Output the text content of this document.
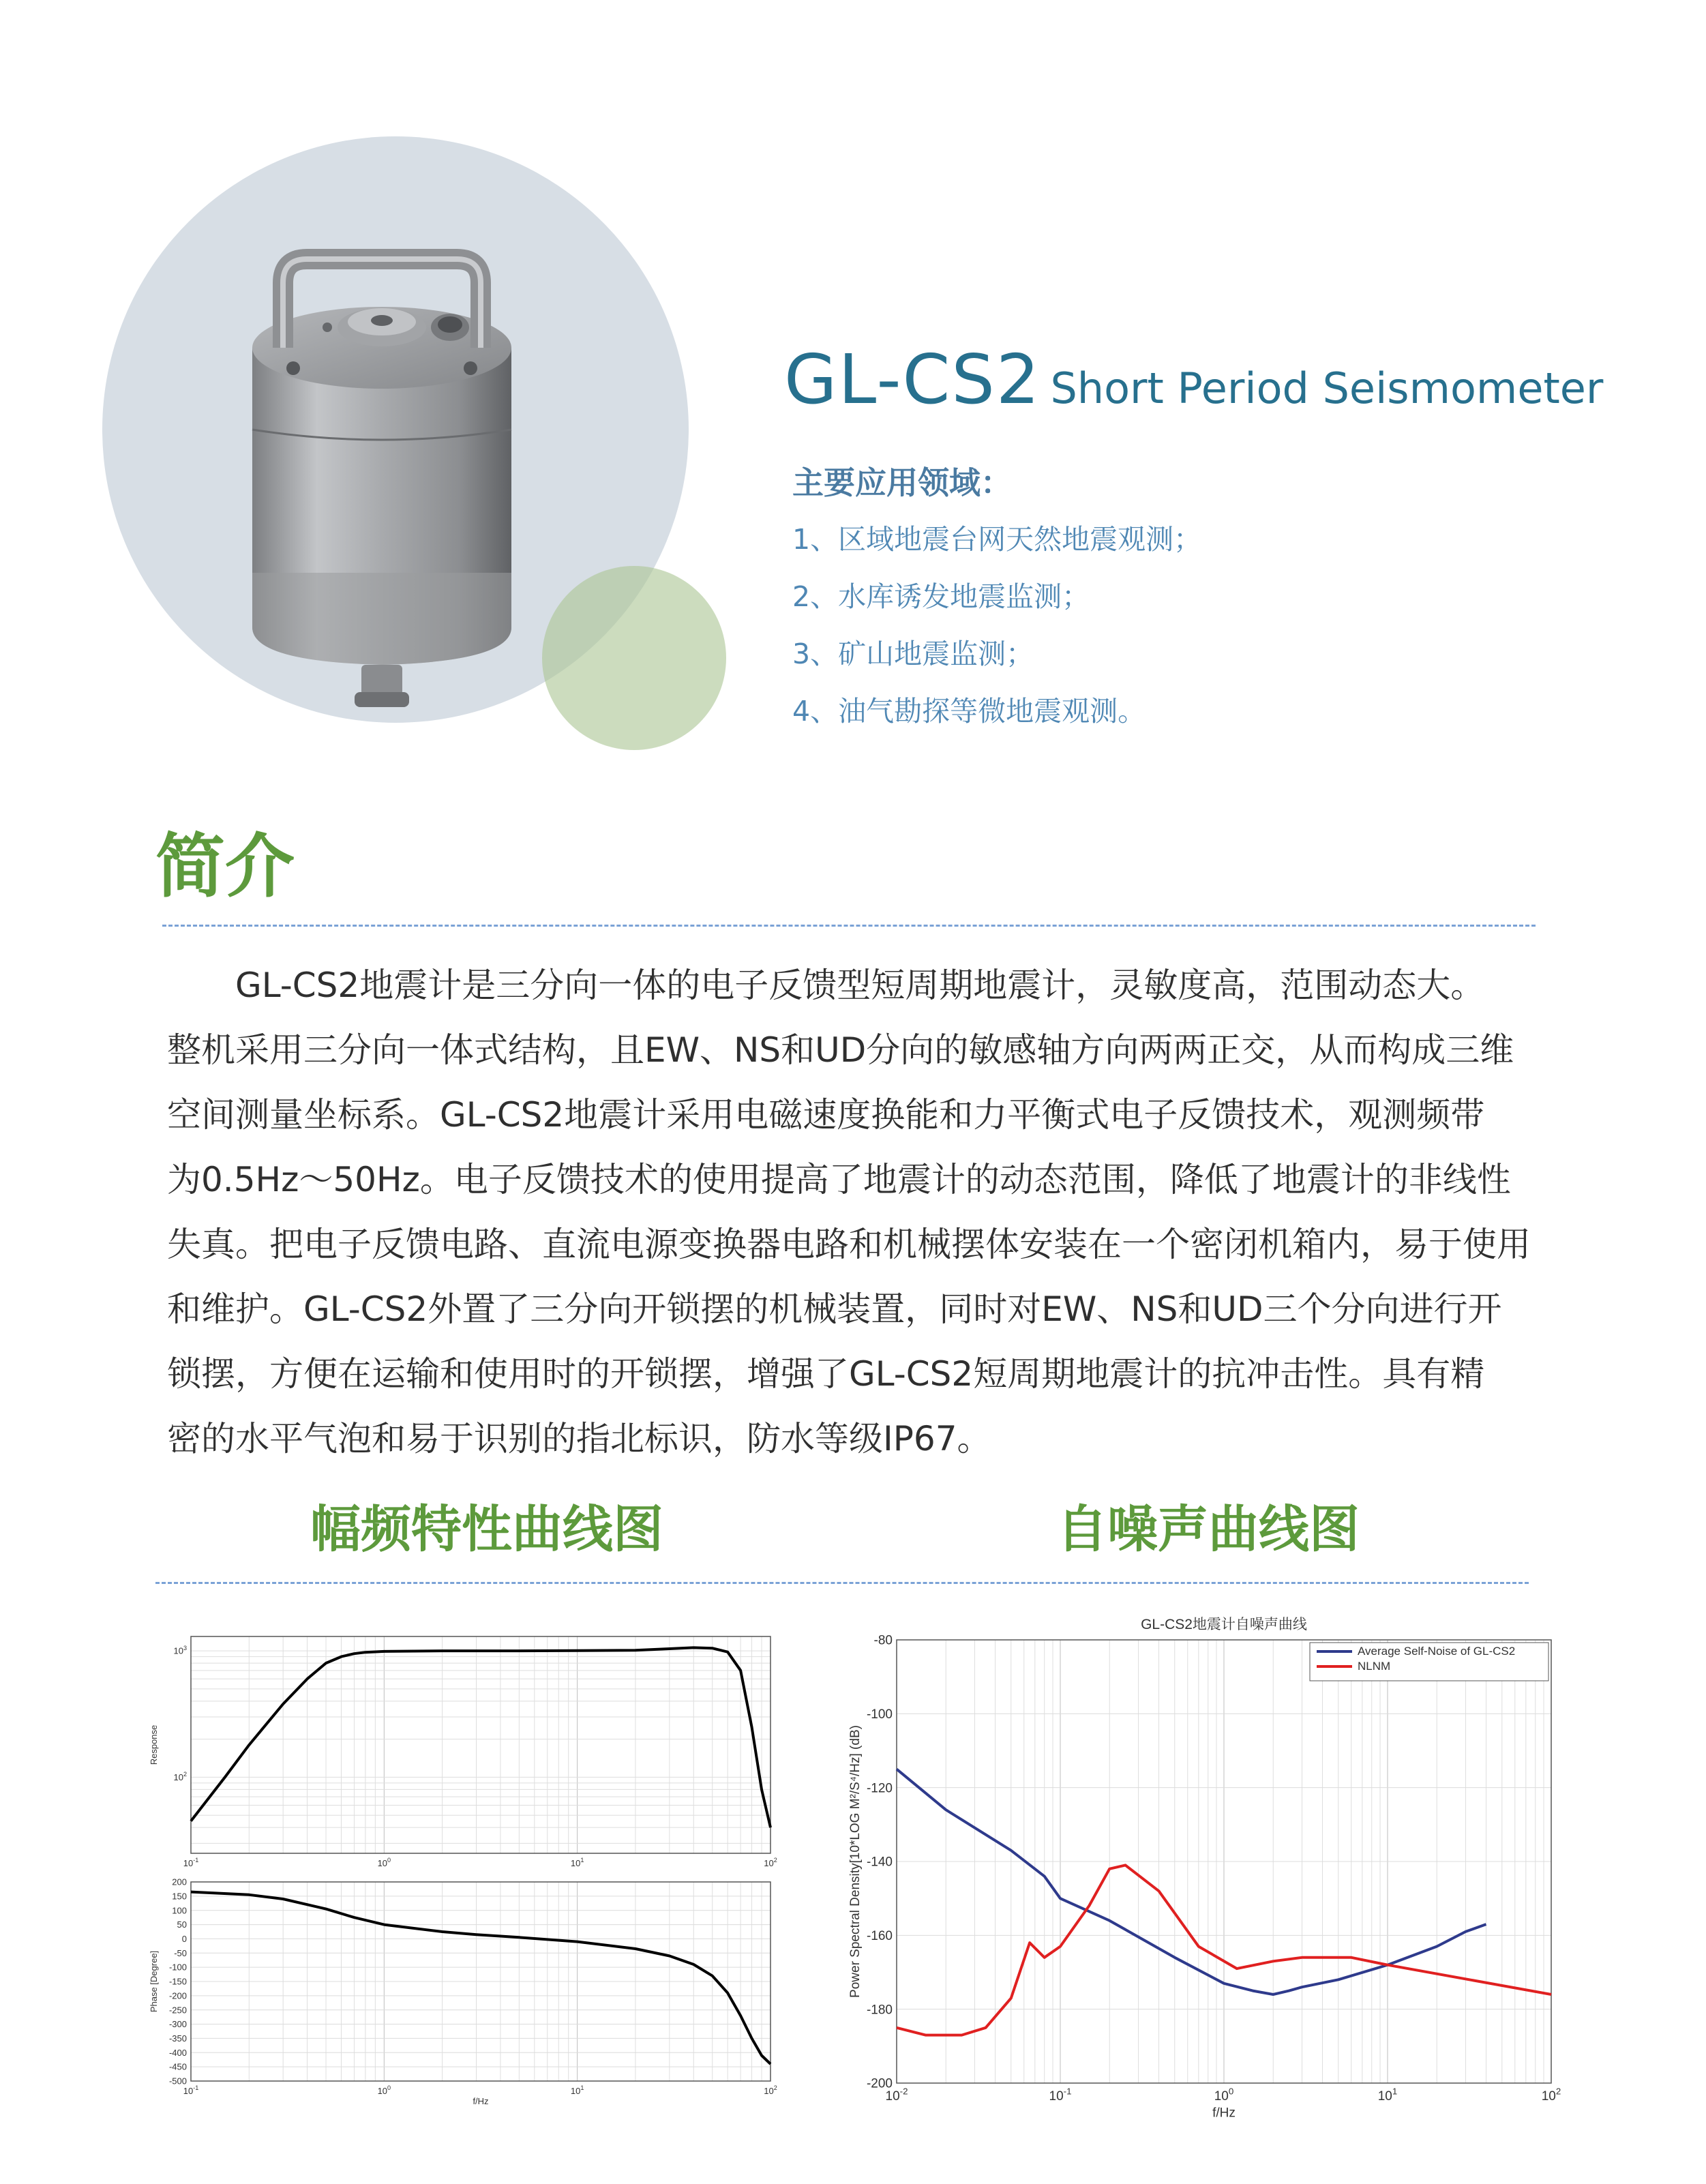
GL-CS2 Short Period Seismometer
主要应用领域：
1、区域地震台网天然地震观测；
2、水库诱发地震监测；
3、矿山地震监测；
4、油气勘探等微地震观测。
简介

GL-CS2地震计是三分向一体的电子反馈型短周期地震计，灵敏度高，范围动态大。

整机采用三分向一体式结构，且EW、NS和UD分向的敏感轴方向两两正交，从而构成三维

空间测量坐标系。GL-CS2地震计采用电磁速度换能和力平衡式电子反馈技术，观测频带

为0.5Hz～50Hz。电子反馈技术的使用提高了地震计的动态范围，降低了地震计的非线性

失真。把电子反馈电路、直流电源变换器电路和机械摆体安装在一个密闭机箱内，易于使用

和维护。GL-CS2外置了三分向开锁摆的机械装置，同时对EW、NS和UD三个分向进行开

锁摆，方便在运输和使用时的开锁摆，增强了GL-CS2短周期地震计的抗冲击性。具有精

密的水平气泡和易于识别的指北标识，防水等级IP67。

幅频特性曲线图	自噪声曲线图
$10^{-1}$	$10^0$	$10^1$	$10^2$
$10^2$
$10^3$
Response
$10^{-1}$	$10^0$	$10^1$	$10^2$
200
150
100
50
0
-50
-100
-150
-200
-250
-300
-350
-400
-450
-500
Phase [Degree]
f/Hz	$10^{-2}$	$10^{-1}$	$10^0$	$10^1$	$10^2$
-80
-100
-120
-140
-160
-180
-200
Power Spectral Density[10*LOG M²/S⁴/Hz] (dB)
f/Hz
GL-CS2地震计自噪声曲线
Average Self-Noise of GL-CS2
NLNM
